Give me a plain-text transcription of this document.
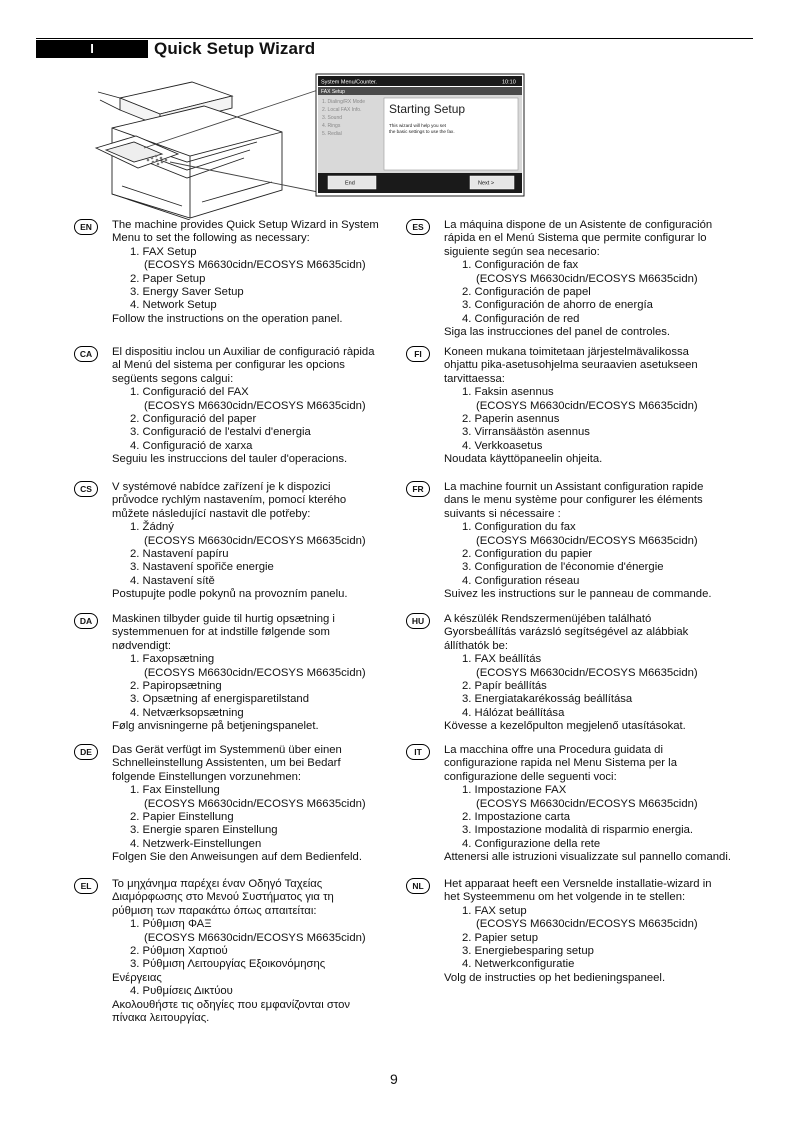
I	Quick Setup Wizard
System Menu/Counter.	10:10
FAX Setup
1. Dialing/RX Mode
2. Local FAX Info.
3. Sound
4. Rings
5. Redial
Starting Setup
This wizard will help you set
the basic settings to use the fax.
End	Next >
EN	The machine provides Quick Setup Wizard in System
Menu to set the following as necessary:
1. FAX Setup
(ECOSYS M6630cidn/ECOSYS M6635cidn)
2. Paper Setup
3. Energy Saver Setup
4. Network Setup
Follow the instructions on the operation panel.
ES	La máquina dispone de un Asistente de configuración
rápida en el Menú Sistema que permite configurar lo
siguiente según sea necesario:
1. Configuración de fax
(ECOSYS M6630cidn/ECOSYS M6635cidn)
2. Configuración de papel
3. Configuración de ahorro de energía
4. Configuración de red
Siga las instrucciones del panel de controles.
CA	El dispositiu inclou un Auxiliar de configuració ràpida
al Menú del sistema per configurar les opcions
següents segons calgui:
1. Configuració del FAX
(ECOSYS M6630cidn/ECOSYS M6635cidn)
2. Configuració del paper
3. Configuració de l'estalvi d'energia
4. Configuració de xarxa
Seguiu les instruccions del tauler d'operacions.
FI	Koneen mukana toimitetaan järjestelmävalikossa
ohjattu pika-asetusohjelma seuraavien asetukseen
tarvittaessa:
1. Faksin asennus
(ECOSYS M6630cidn/ECOSYS M6635cidn)
2. Paperin asennus
3. Virransäästön asennus
4. Verkkoasetus
Noudata käyttöpaneelin ohjeita.
CS	V systémové nabídce zařízení je k dispozici
průvodce rychlým nastavením, pomocí kterého
můžete následující nastavit dle potřeby:
1. Žádný
(ECOSYS M6630cidn/ECOSYS M6635cidn)
2. Nastavení papíru
3. Nastavení spořiče energie
4. Nastavení sítě
Postupujte podle pokynů na provozním panelu.
FR	La machine fournit un Assistant configuration rapide
dans le menu système pour configurer les éléments
suivants si nécessaire :
1. Configuration du fax
(ECOSYS M6630cidn/ECOSYS M6635cidn)
2. Configuration du papier
3. Configuration de l'économie d'énergie
4. Configuration réseau
Suivez les instructions sur le panneau de commande.
DA	Maskinen tilbyder guide til hurtig opsætning i
systemmenuen for at indstille følgende som
nødvendigt:
1. Faxopsætning
(ECOSYS M6630cidn/ECOSYS M6635cidn)
2. Papiropsætning
3. Opsætning af energisparetilstand
4. Netværksopsætning
Følg anvisningerne på betjeningspanelet.
HU	A készülék Rendszermenüjében található
Gyorsbeállítás varázsló segítségével az alábbiak
állíthatók be:
1. FAX beállítás
(ECOSYS M6630cidn/ECOSYS M6635cidn)
2. Papír beállítás
3. Energiatakarékosság beállítása
4. Hálózat beállítása
Kövesse a kezelőpulton megjelenő utasításokat.
DE	Das Gerät verfügt im Systemmenü über einen
Schnelleinstellung Assistenten, um bei Bedarf
folgende Einstellungen vorzunehmen:
1. Fax Einstellung
(ECOSYS M6630cidn/ECOSYS M6635cidn)
2. Papier Einstellung
3. Energie sparen Einstellung
4. Netzwerk-Einstellungen
Folgen Sie den Anweisungen auf dem Bedienfeld.
IT	La macchina offre una Procedura guidata di
configurazione rapida nel Menu Sistema per la
configurazione delle seguenti voci:
1. Impostazione FAX
(ECOSYS M6630cidn/ECOSYS M6635cidn)
2. Impostazione carta
3. Impostazione modalità di risparmio energia.
4. Configurazione della rete
Attenersi alle istruzioni visualizzate sul pannello comandi.
EL	Το μηχάνημα παρέχει έναν Οδηγό Ταχείας
Διαμόρφωσης στο Μενού Συστήματος για τη
ρύθμιση των παρακάτω όπως απαιτείται:
1. Ρύθμιση ΦΑΞ
(ECOSYS M6630cidn/ECOSYS M6635cidn)
2. Ρύθμιση Χαρτιού
3. Ρύθμιση Λειτουργίας Εξοικονόμησης
Ενέργειας
4. Ρυθμίσεις Δικτύου
Ακολουθήστε τις οδηγίες που εμφανίζονται στον
πίνακα λειτουργίας.
NL	Het apparaat heeft een Versnelde installatie-wizard in
het Systeemmenu om het volgende in te stellen:
1. FAX setup
(ECOSYS M6630cidn/ECOSYS M6635cidn)
2. Papier setup
3. Energiebesparing setup
4. Netwerkconfiguratie
Volg de instructies op het bedieningspaneel.
9
